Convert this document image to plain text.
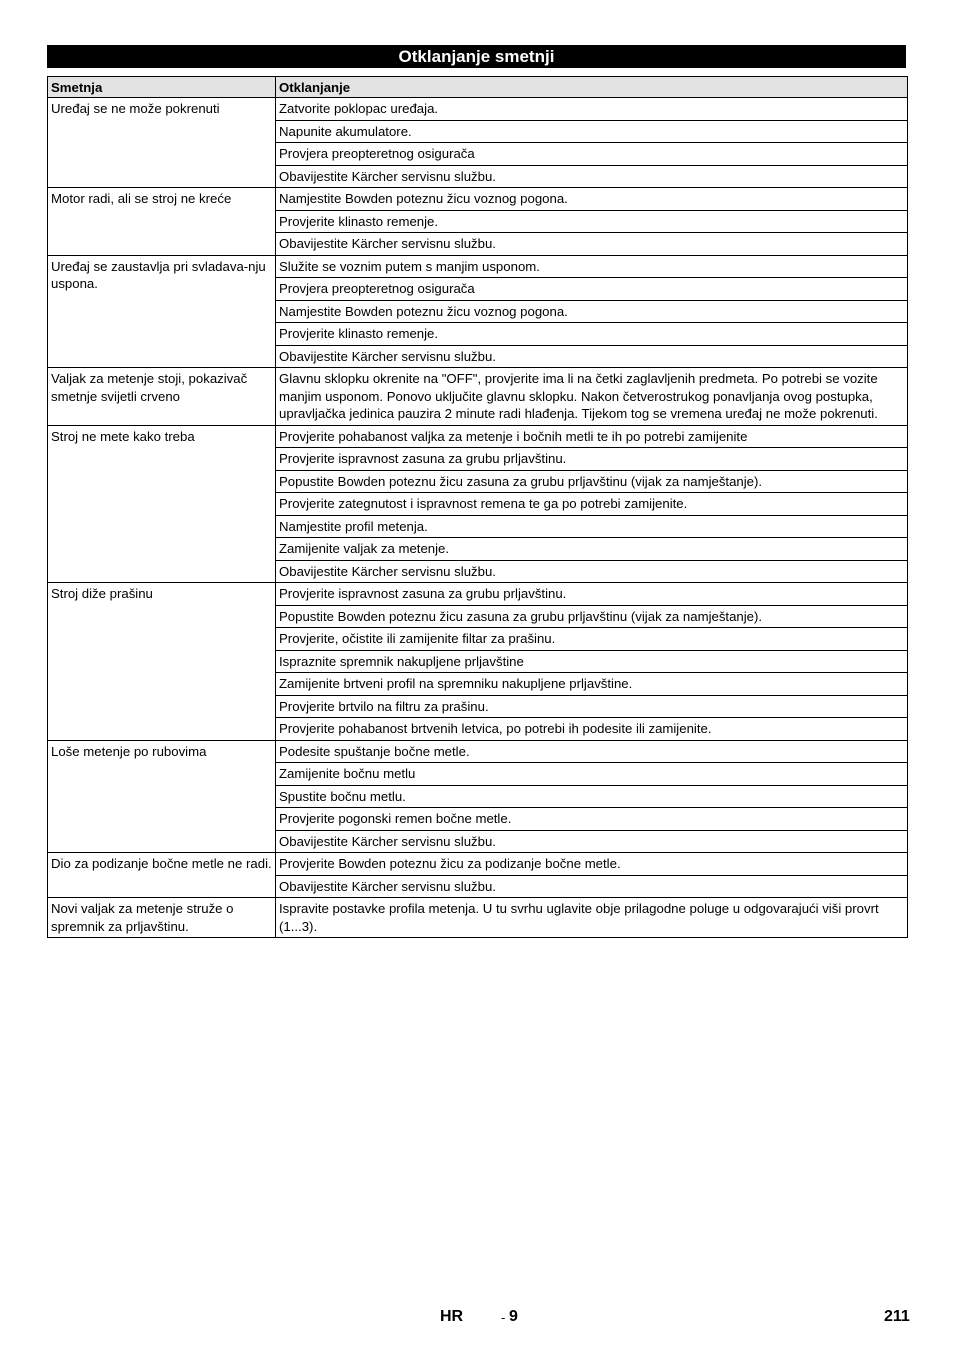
Otklanjanje smetnji
Smetnja	Otklanjanje
Uređaj se ne može pokrenuti	Zatvorite poklopac uređaja.
	Napunite akumulatore.
	Provjera preopteretnog osigurača
	Obavijestite Kärcher servisnu službu.
Motor radi, ali se stroj ne kreće	Namjestite Bowden poteznu žicu voznog pogona.
	Provjerite klinasto remenje.
	Obavijestite Kärcher servisnu službu.
Uređaj se zaustavlja pri svladava-nju uspona.	Služite se voznim putem s manjim usponom.
	Provjera preopteretnog osigurača
	Namjestite Bowden poteznu žicu voznog pogona.
	Provjerite klinasto remenje.
	Obavijestite Kärcher servisnu službu.
Valjak za metenje stoji, pokazivač smetnje svijetli crveno	Glavnu sklopku okrenite na "OFF", provjerite ima li na četki zaglavljenih predmeta. Po potrebi se vozite manjim usponom. Ponovo uključite glavnu sklopku. Nakon četverostrukog ponavljanja ovog postupka, upravljačka jedinica pauzira 2 minute radi hlađenja. Tijekom tog se vremena uređaj ne može pokrenuti.
Stroj ne mete kako treba	Provjerite pohabanost valjka za metenje i bočnih metli te ih po potrebi zamijenite
	Provjerite ispravnost zasuna za grubu prljavštinu.
	Popustite Bowden poteznu žicu zasuna za grubu prljavštinu (vijak za namještanje).
	Provjerite zategnutost i ispravnost remena te ga po potrebi zamijenite.
	Namjestite profil metenja.
	Zamijenite valjak za metenje.
	Obavijestite Kärcher servisnu službu.
Stroj diže prašinu	Provjerite ispravnost zasuna za grubu prljavštinu.
	Popustite Bowden poteznu žicu zasuna za grubu prljavštinu (vijak za namještanje).
	Provjerite, očistite ili zamijenite filtar za prašinu.
	Ispraznite spremnik nakupljene prljavštine
	Zamijenite brtveni profil na spremniku nakupljene prljavštine.
	Provjerite brtvilo na filtru za prašinu.
	Provjerite pohabanost brtvenih letvica, po potrebi ih podesite ili zamijenite.
Loše metenje po rubovima	Podesite spuštanje bočne metle.
	Zamijenite bočnu metlu
	Spustite bočnu metlu.
	Provjerite pogonski remen bočne metle.
	Obavijestite Kärcher servisnu službu.
Dio za podizanje bočne metle ne radi.	Provjerite Bowden poteznu žicu za podizanje bočne metle.
	Obavijestite Kärcher servisnu službu.
Novi valjak za metenje struže o spremnik za prljavštinu.	Ispravite postavke profila metenja. U tu svrhu uglavite obje prilagodne poluge u odgovarajući viši provrt (1...3).
HR	- 9	211
